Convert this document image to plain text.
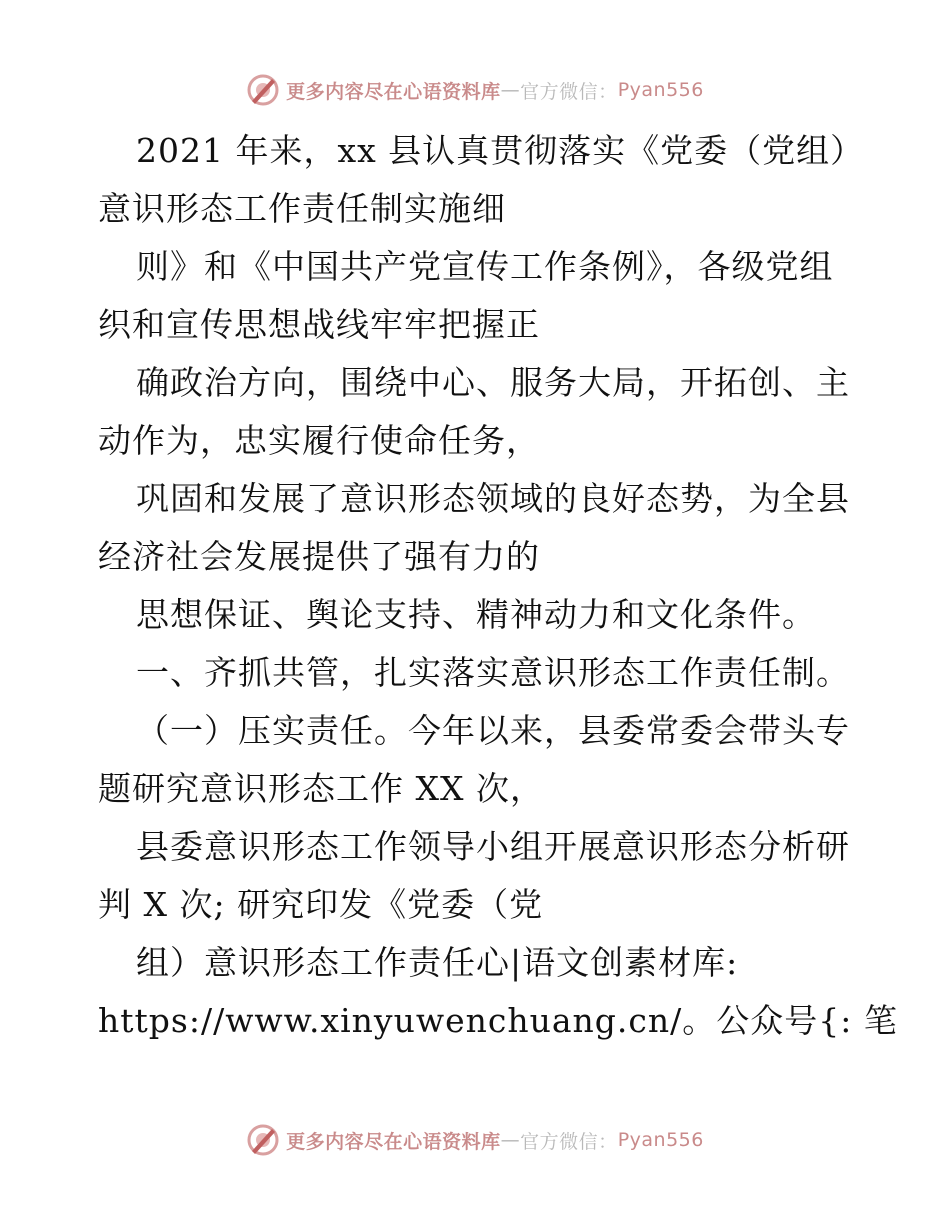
更多内容尽在心语资料库 — 官方微信： Pyan556
2021 年来，xx 县认真贯彻落实《党委（党组）
意识形态工作责任制实施细
则》和《中国共产党宣传工作条例》，各级党组
织和宣传思想战线牢牢把握正
确政治方向，围绕中心、服务大局，开拓创、主
动作为，忠实履行使命任务，
巩固和发展了意识形态领域的良好态势，为全县
经济社会发展提供了强有力的
思想保证、舆论支持、精神动力和文化条件。
一、齐抓共管，扎实落实意识形态工作责任制。
（一）压实责任。今年以来，县委常委会带头专
题研究意识形态工作 XX 次，
县委意识形态工作领导小组开展意识形态分析研
判 X 次; 研究印发《党委（党
组）意识形态工作责任心|语文创素材库:
https://www.xinyuwenchuang.cn/。公众号{: 笔
更多内容尽在心语资料库 — 官方微信： Pyan556
